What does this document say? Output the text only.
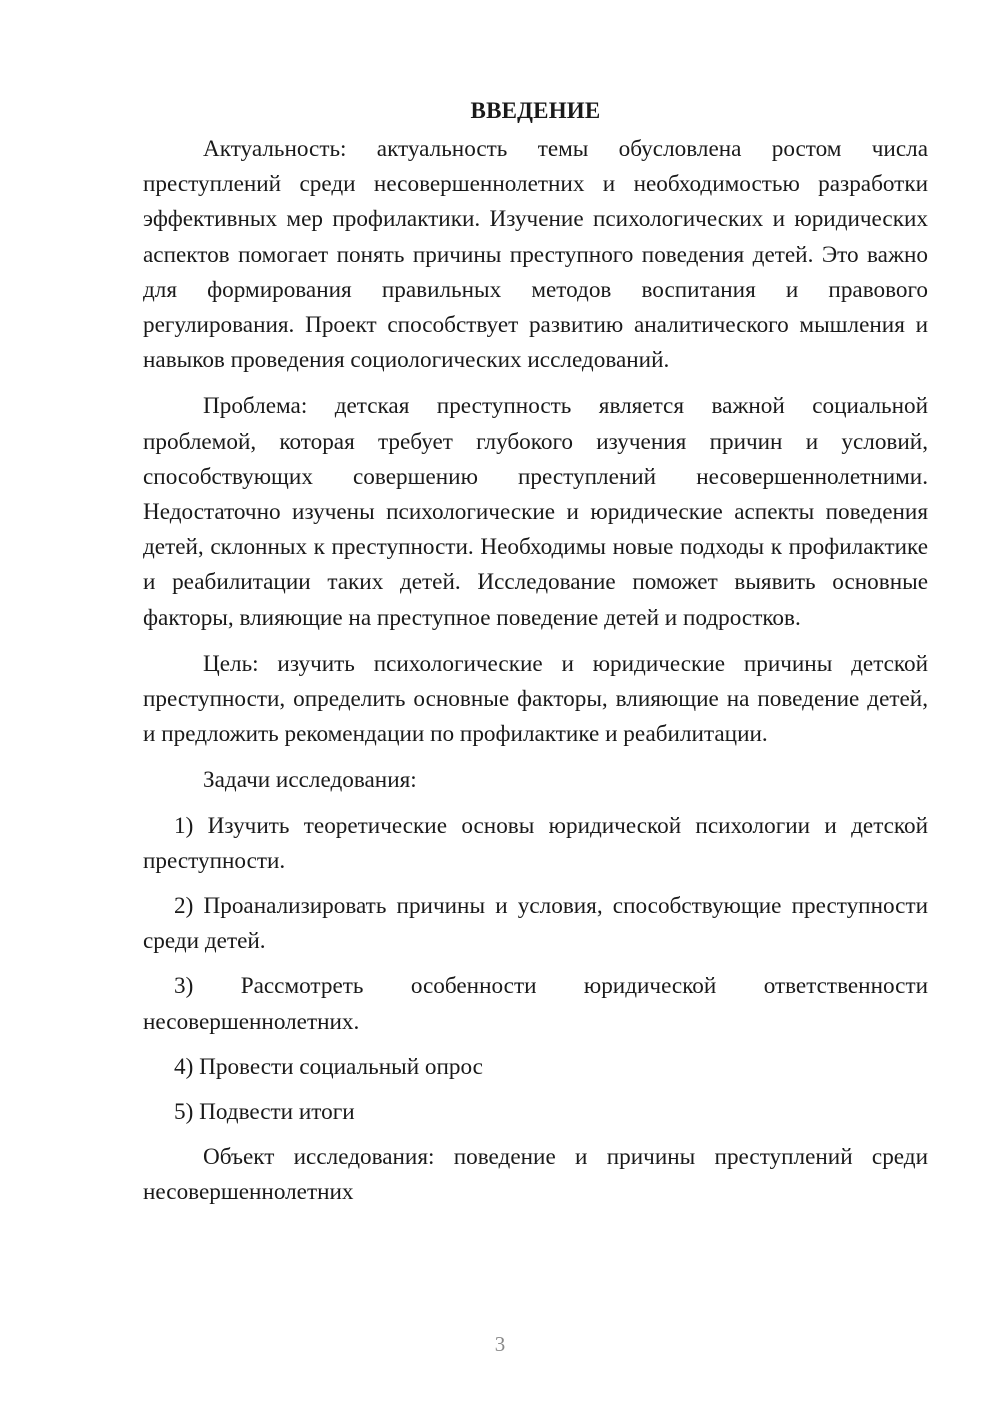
ВВЕДЕНИЕ

Актуальность: актуальность темы обусловлена ростом числа преступлений среди несовершеннолетних и необходимостью разработки эффективных мер профилактики. Изучение психологических и юридических аспектов помогает понять причины преступного поведения детей. Это важно для формирования правильных методов воспитания и правового регулирования. Проект способствует развитию аналитического мышления и навыков проведения социологических исследований.

Проблема: детская преступность является важной социальной проблемой, которая требует глубокого изучения причин и условий, способствующих совершению преступлений несовершеннолетними. Недостаточно изучены психологические и юридические аспекты поведения детей, склонных к преступности. Необходимы новые подходы к профилактике и реабилитации таких детей. Исследование поможет выявить основные факторы, влияющие на преступное поведение детей и подростков.

Цель: изучить психологические и юридические причины детской преступности, определить основные факторы, влияющие на поведение детей, и предложить рекомендации по профилактике и реабилитации.

Задачи исследования:

1) Изучить теоретические основы юридической психологии и детской преступности.

2) Проанализировать причины и условия, способствующие преступности среди детей.

3) Рассмотреть особенности юридической ответственности несовершеннолетних.

4) Провести социальный опрос

5) Подвести итоги

Объект исследования: поведение и причины преступлений среди несовершеннолетних

3
